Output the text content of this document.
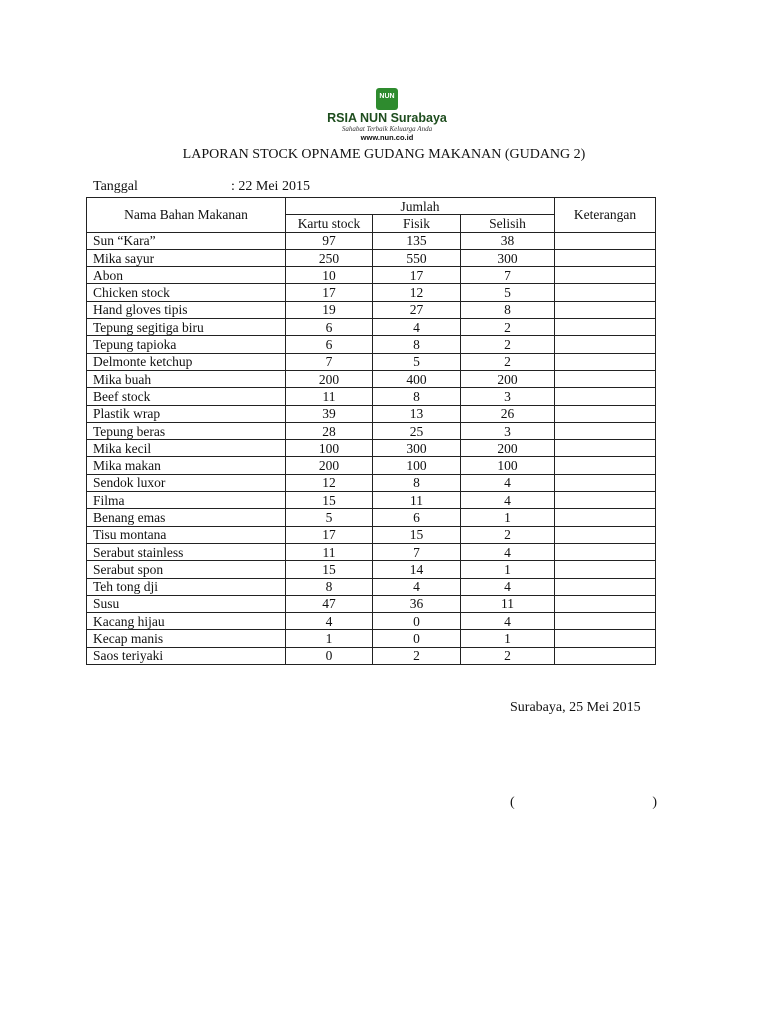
NUN
RSIA NUN Surabaya
Sahabat Terbaik Keluarga Anda
www.nun.co.id
LAPORAN STOCK OPNAME GUDANG MAKANAN (GUDANG 2)
Tanggal	: 22 Mei 2015
Nama Bahan Makanan	Jumlah			Keterangan
	Kartu stock	Fisik	Selisih	
Sun “Kara”	97	135	38	
Mika sayur	250	550	300	
Abon	10	17	7	
Chicken stock	17	12	5	
Hand gloves tipis	19	27	8	
Tepung segitiga biru	6	4	2	
Tepung tapioka	6	8	2	
Delmonte ketchup	7	5	2	
Mika buah	200	400	200	
Beef stock	11	8	3	
Plastik wrap	39	13	26	
Tepung beras	28	25	3	
Mika kecil	100	300	200	
Mika makan	200	100	100	
Sendok luxor	12	8	4	
Filma	15	11	4	
Benang emas	5	6	1	
Tisu montana	17	15	2	
Serabut stainless	11	7	4	
Serabut spon	15	14	1	
Teh tong dji	8	4	4	
Susu	47	36	11	
Kacang hijau	4	0	4	
Kecap manis	1	0	1	
Saos teriyaki	0	2	2	
Surabaya, 25 Mei 2015
(	)
